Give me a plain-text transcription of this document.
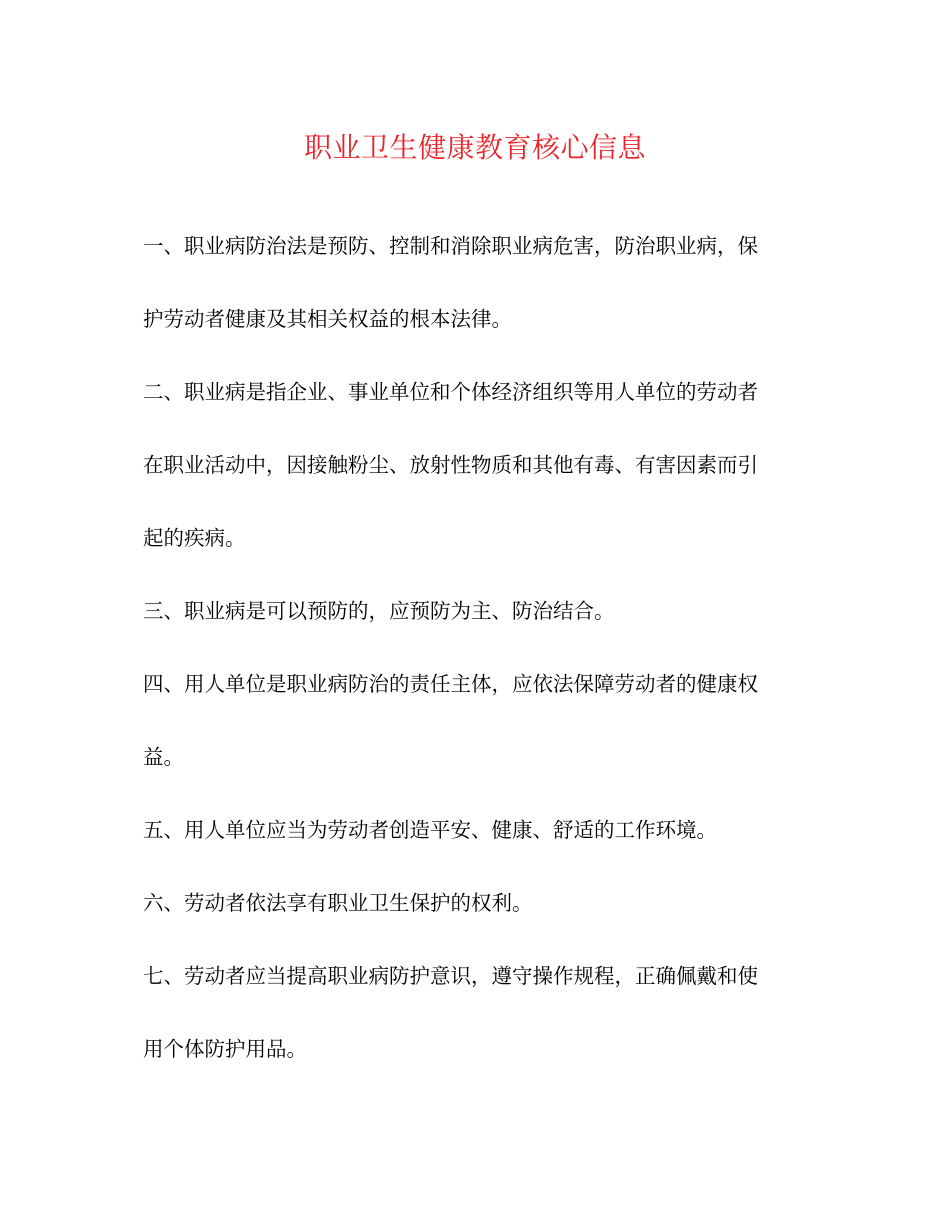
职业卫生健康教育核心信息

一、职业病防治法是预防、控制和消除职业病危害，防治职业病，保
护劳动者健康及其相关权益的根本法律。

二、职业病是指企业、事业单位和个体经济组织等用人单位的劳动者
在职业活动中，因接触粉尘、放射性物质和其他有毒、有害因素而引
起的疾病。

三、职业病是可以预防的，应预防为主、防治结合。

四、用人单位是职业病防治的责任主体，应依法保障劳动者的健康权
益。

五、用人单位应当为劳动者创造平安、健康、舒适的工作环境。

六、劳动者依法享有职业卫生保护的权利。

七、劳动者应当提高职业病防护意识，遵守操作规程，正确佩戴和使
用个体防护用品。
